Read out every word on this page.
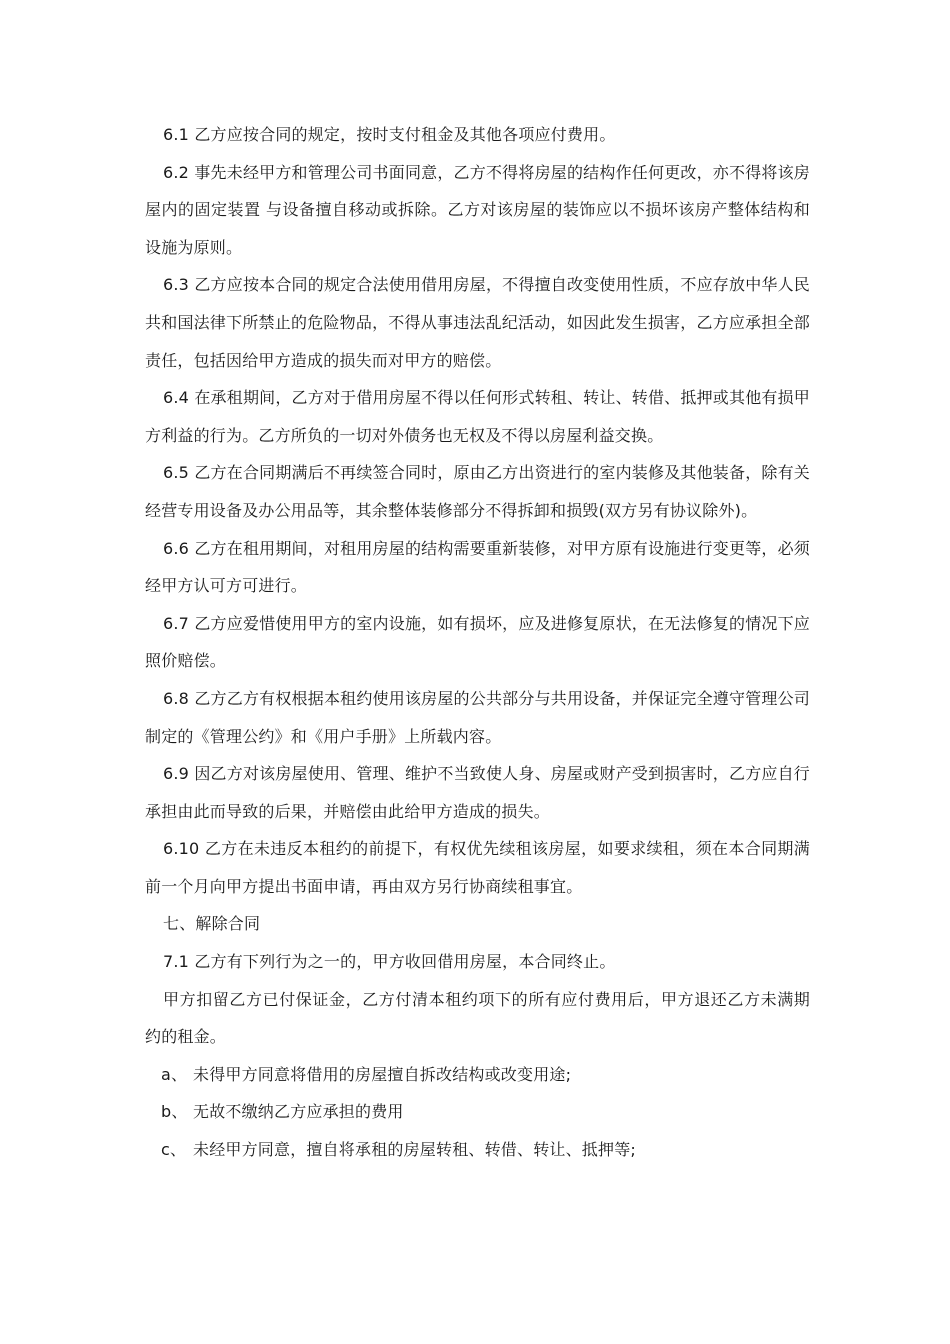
6.1 乙方应按合同的规定，按时支付租金及其他各项应付费用。

6.2 事先未经甲方和管理公司书面同意，乙方不得将房屋的结构作任何更改，亦不得将该房屋内的固定装置 与设备擅自移动或拆除。乙方对该房屋的装饰应以不损坏该房产整体结构和设施为原则。

6.3 乙方应按本合同的规定合法使用借用房屋，不得擅自改变使用性质，不应存放中华人民共和国法律下所禁止的危险物品，不得从事违法乱纪活动，如因此发生损害，乙方应承担全部责任，包括因给甲方造成的损失而对甲方的赔偿。

6.4 在承租期间，乙方对于借用房屋不得以任何形式转租、转让、转借、抵押或其他有损甲方利益的行为。乙方所负的一切对外债务也无权及不得以房屋利益交换。

6.5 乙方在合同期满后不再续签合同时，原由乙方出资进行的室内装修及其他装备，除有关经营专用设备及办公用品等，其余整体装修部分不得拆卸和损毁(双方另有协议除外)。

6.6 乙方在租用期间，对租用房屋的结构需要重新装修，对甲方原有设施进行变更等，必须经甲方认可方可进行。

6.7 乙方应爱惜使用甲方的室内设施，如有损坏，应及进修复原状，在无法修复的情况下应照价赔偿。

6.8 乙方乙方有权根据本租约使用该房屋的公共部分与共用设备，并保证完全遵守管理公司制定的《管理公约》和《用户手册》上所载内容。

6.9 因乙方对该房屋使用、管理、维护不当致使人身、房屋或财产受到损害时，乙方应自行承担由此而导致的后果，并赔偿由此给甲方造成的损失。

6.10 乙方在未违反本租约的前提下，有权优先续租该房屋，如要求续租，须在本合同期满前一个月向甲方提出书面申请，再由双方另行协商续租事宜。

七、解除合同

7.1 乙方有下列行为之一的，甲方收回借用房屋，本合同终止。

甲方扣留乙方已付保证金，乙方付清本租约项下的所有应付费用后，甲方退还乙方未满期约的租金。

a、 未得甲方同意将借用的房屋擅自拆改结构或改变用途;

b、 无故不缴纳乙方应承担的费用

c、 未经甲方同意，擅自将承租的房屋转租、转借、转让、抵押等;
